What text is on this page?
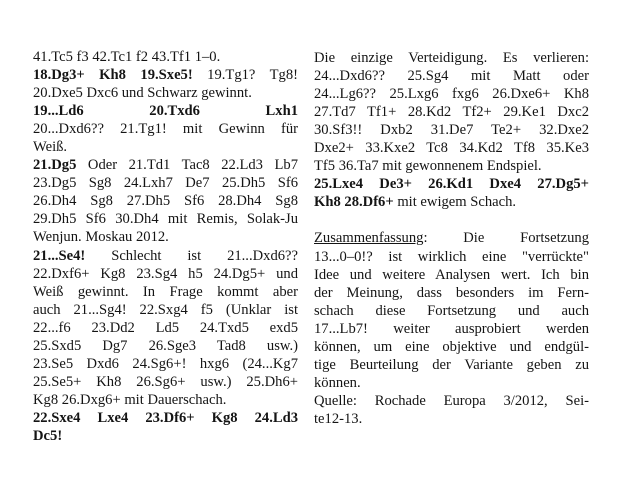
41.Tc5 f3 42.Tc1 f2 43.Tf1 1–0.
18.Dg3+ Kh8 19.Sxe5! 19.Tg1? Tg8!
20.Dxe5 Dxc6 und Schwarz gewinnt.
19...Ld6 20.Txd6 Lxh1
20...Dxd6?? 21.Tg1! mit Gewinn für
Weiß.
21.Dg5 Oder 21.Td1 Tac8 22.Ld3 Lb7
23.Dg5 Sg8 24.Lxh7 De7 25.Dh5 Sf6
26.Dh4 Sg8 27.Dh5 Sf6 28.Dh4 Sg8
29.Dh5 Sf6 30.Dh4 mit Remis, Solak-Ju
Wenjun. Moskau 2012.
21...Se4! Schlecht ist 21...Dxd6??
22.Dxf6+ Kg8 23.Sg4 h5 24.Dg5+ und
Weiß gewinnt. In Frage kommt aber
auch 21...Sg4! 22.Sxg4 f5 (Unklar ist
22...f6 23.Dd2 Ld5 24.Txd5 exd5
25.Sxd5 Dg7 26.Sge3 Tad8 usw.)
23.Se5 Dxd6 24.Sg6+! hxg6 (24...Kg7
25.Se5+ Kh8 26.Sg6+ usw.) 25.Dh6+
Kg8 26.Dxg6+ mit Dauerschach.
22.Sxe4 Lxe4 23.Df6+ Kg8 24.Ld3
Dc5!
Die einzige Verteidigung. Es verlieren:
24...Dxd6?? 25.Sg4 mit Matt oder
24...Lg6?? 25.Lxg6 fxg6 26.Dxe6+ Kh8
27.Td7 Tf1+ 28.Kd2 Tf2+ 29.Ke1 Dxc2
30.Sf3!! Dxb2 31.De7 Te2+ 32.Dxe2
Dxe2+ 33.Kxe2 Tc8 34.Kd2 Tf8 35.Ke3
Tf5 36.Ta7 mit gewonnenem Endspiel.
25.Lxe4 De3+ 26.Kd1 Dxe4 27.Dg5+
Kh8 28.Df6+ mit ewigem Schach.
Zusammenfassung: Die Fortsetzung
13...0–0!? ist wirklich eine "verrückte"
Idee und weitere Analysen wert. Ich bin
der Meinung, dass besonders im Fern-
schach diese Fortsetzung und auch
17...Lb7! weiter ausprobiert werden
können, um eine objektive und endgül-
tige Beurteilung der Variante geben zu
können.
Quelle: Rochade Europa 3/2012, Sei-
te12-13.
